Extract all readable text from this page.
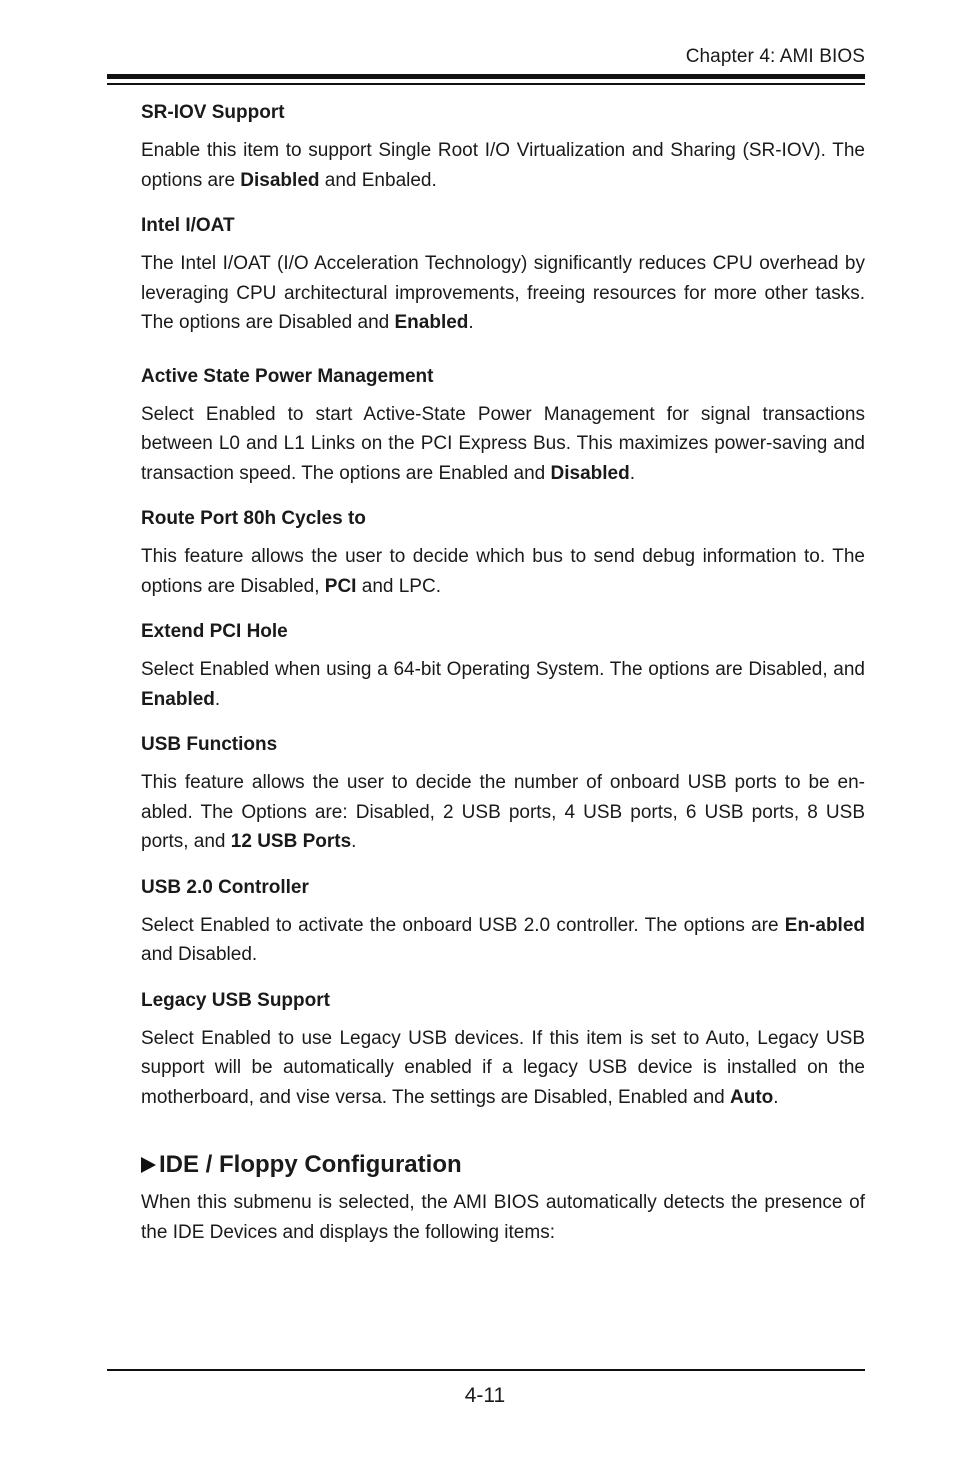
Chapter 4: AMI BIOS

SR-IOV Support

Enable this item to support Single Root I/O Virtualization and Sharing (SR-IOV). The options are Disabled and Enbaled.

Intel I/OAT

The Intel I/OAT (I/O Acceleration Technology) significantly reduces CPU overhead by leveraging CPU architectural improvements, freeing resources for more other tasks. The options are Disabled and Enabled.

Active State Power Management

Select Enabled to start Active-State Power Management for signal transactions between L0 and L1 Links on the PCI Express Bus. This maximizes power-saving and transaction speed. The options are Enabled and Disabled.

Route Port 80h Cycles to

This feature allows the user to decide which bus to send debug information to. The options are Disabled, PCI and LPC.

Extend PCI Hole

Select Enabled when using a 64-bit Operating System. The options are Disabled, and Enabled.

USB Functions

This feature allows the user to decide the number of onboard USB ports to be en-abled. The Options are: Disabled, 2 USB ports, 4 USB ports, 6 USB ports, 8 USB ports, and 12 USB Ports.

USB 2.0 Controller

Select Enabled to activate the onboard USB 2.0 controller. The options are En-abled and Disabled.

Legacy USB Support

Select Enabled to use Legacy USB devices. If this item is set to Auto, Legacy USB support will be automatically enabled if a legacy USB device is installed on the motherboard, and vise versa. The settings are Disabled, Enabled and Auto.

IDE / Floppy Configuration

When this submenu is selected, the AMI BIOS automatically detects the presence of the IDE Devices and displays the following items:

4-11
